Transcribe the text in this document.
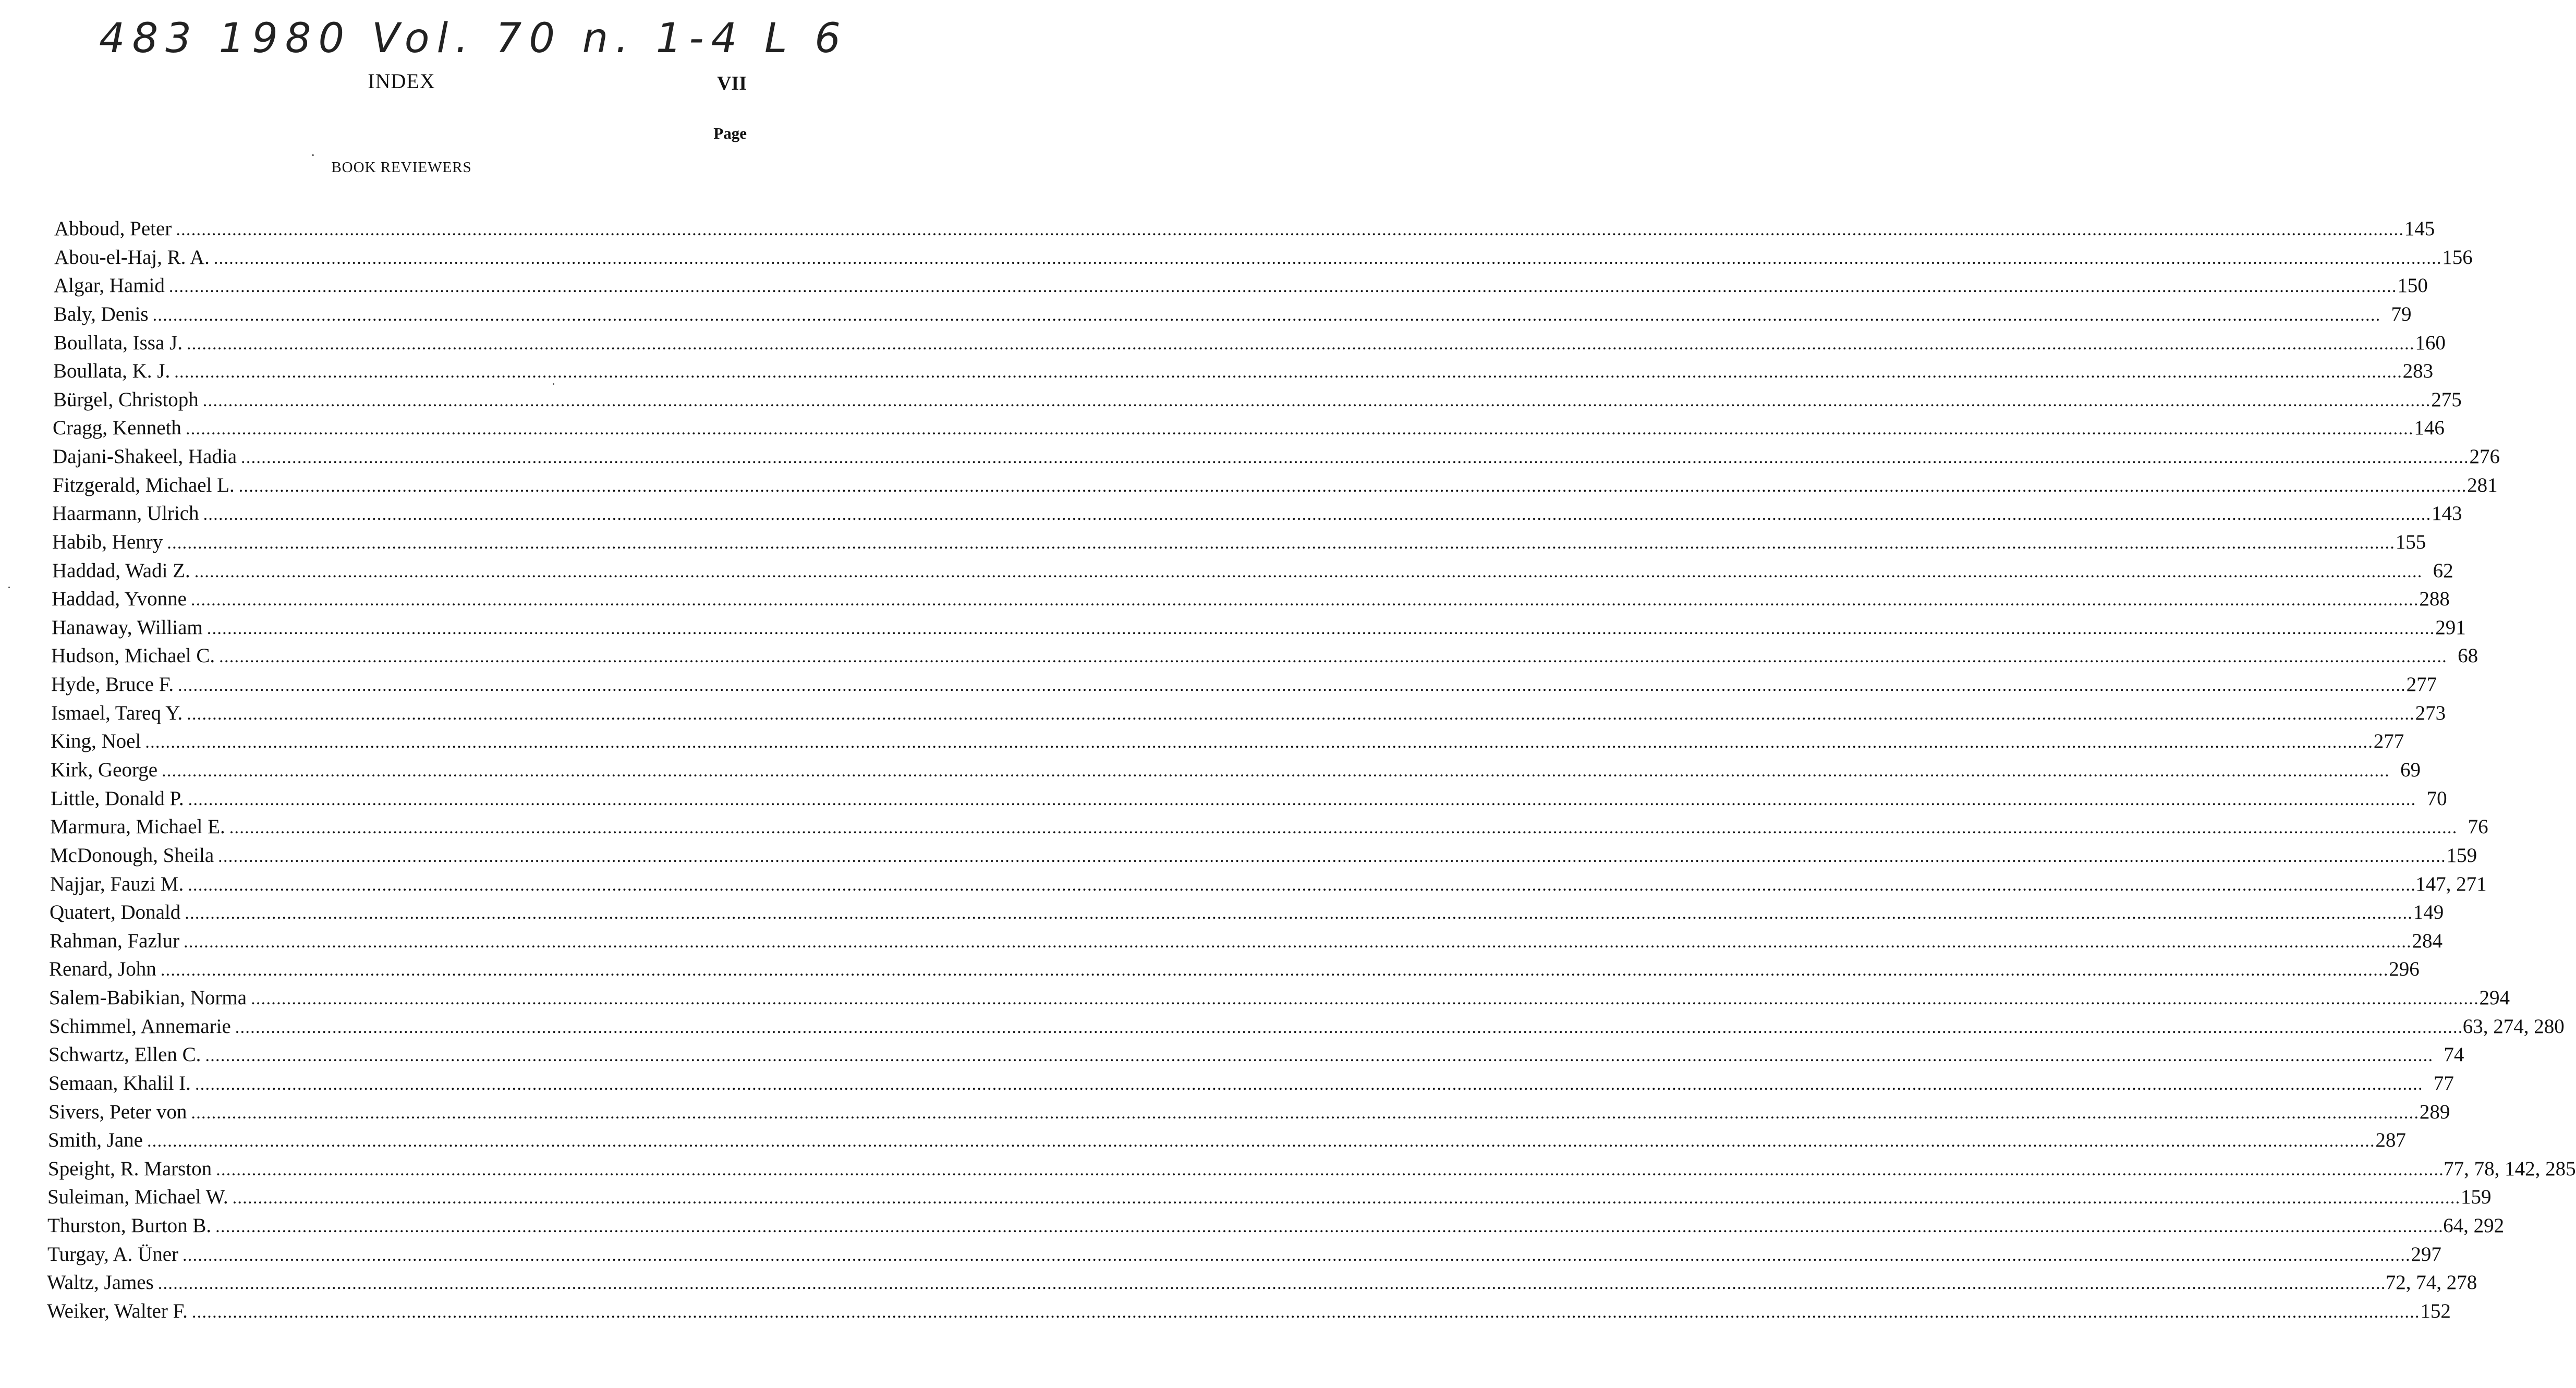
483 1980 Vol. 70 n. 1-4 L 6
INDEX	VII
Page
BOOK REVIEWERS
Abboud, Peter . . .	145
Abou-el-Haj, R. A. . . .	156
Algar, Hamid . . .	150
Baly, Denis . . .	79
Boullata, Issa J. . . .	160
Boullata, K. J. . . .	283
Bürgel, Christoph . . .	275
Cragg, Kenneth . . .	146
Dajani-Shakeel, Hadia . . .	276
Fitzgerald, Michael L. . . .	281
Haarmann, Ulrich . . .	143
Habib, Henry . . .	155
Haddad, Wadi Z. . . .	62
Haddad, Yvonne . . .	288
Hanaway, William . . .	291
Hudson, Michael C. . . .	68
Hyde, Bruce F. . . .	277
Ismael, Tareq Y. . . .	273
King, Noel . . .	277
Kirk, George . . .	69
Little, Donald P. . . .	70
Marmura, Michael E. . . .	76
McDonough, Sheila . . .	159
Najjar, Fauzi M. . . .	147, 271
Quatert, Donald . . .	149
Rahman, Fazlur . . .	284
Renard, John . . .	296
Salem-Babikian, Norma . . .	294
Schimmel, Annemarie . . .	63, 274, 280
Schwartz, Ellen C. . . .	74
Semaan, Khalil I. . . .	77
Sivers, Peter von . . .	289
Smith, Jane . . .	287
Speight, R. Marston . . .	77, 78, 142, 285
Suleiman, Michael W. . . .	159
Thurston, Burton B. . . .	64, 292
Turgay, A. Üner . . .	297
Waltz, James . . .	72, 74, 278
Weiker, Walter F. . . .	152
